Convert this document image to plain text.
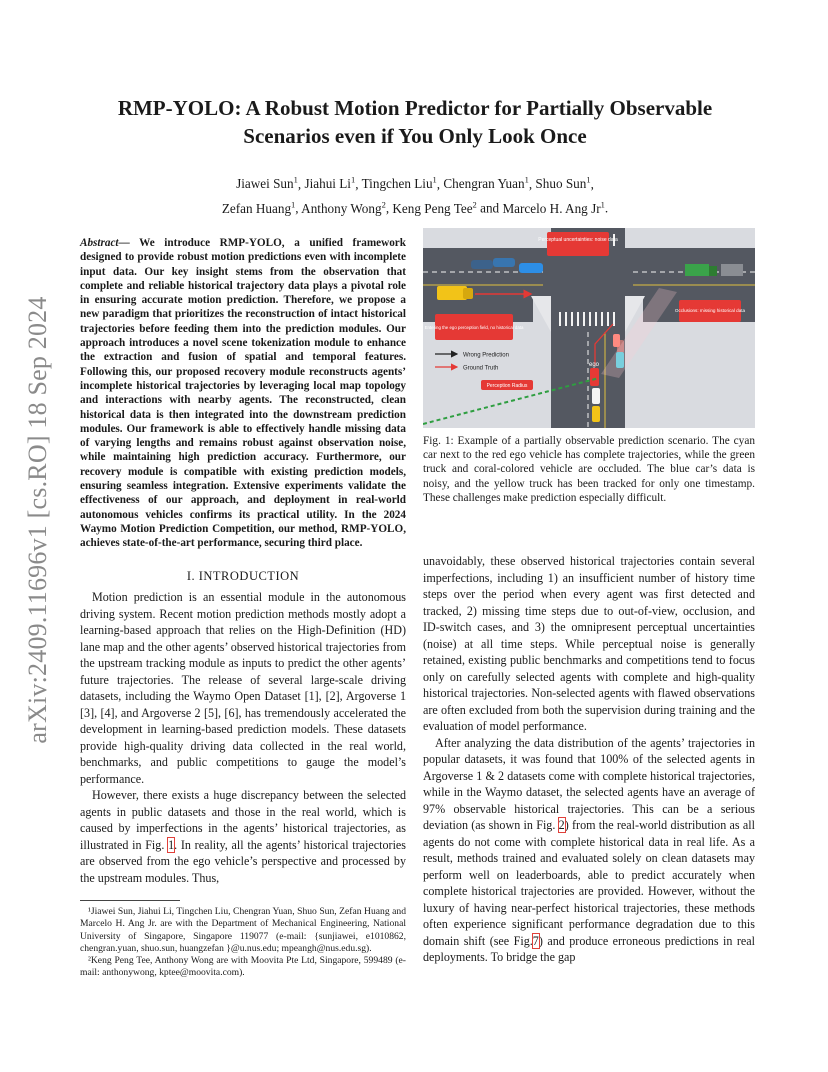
arXiv:2409.11696v1 [cs.RO] 18 Sep 2024
RMP-YOLO: A Robust Motion Predictor for Partially Observable
Scenarios even if You Only Look Once
Jiawei Sun$^1$, Jiahui Li$^1$, Tingchen Liu$^1$, Chengran Yuan$^1$, Shuo Sun$^1$,
Zefan Huang$^1$, Anthony Wong$^2$, Keng Peng Tee$^2$ and Marcelo H. Ang Jr$^1$.
Abstract— We introduce RMP-YOLO, a unified framework designed to provide robust motion predictions even with incomplete input data. Our key insight stems from the observation that complete and reliable historical trajectory data plays a pivotal role in ensuring accurate motion prediction. Therefore, we propose a new paradigm that prioritizes the reconstruction of intact historical trajectories before feeding them into the prediction modules. Our approach introduces a novel scene tokenization module to enhance the extraction and fusion of spatial and temporal features. Following this, our proposed recovery module reconstructs agents’ incomplete historical trajectories by leveraging local map topology and interactions with nearby agents. The reconstructed, clean historical data is then integrated into the downstream prediction modules. Our framework is able to effectively handle missing data of varying lengths and remains robust against observation noise, while maintaining high prediction accuracy. Furthermore, our recovery module is compatible with existing prediction models, ensuring seamless integration. Extensive experiments validate the effectiveness of our approach, and deployment in real-world autonomous vehicles confirms its practical utility. In the 2024 Waymo Motion Prediction Competition, our method, RMP-YOLO, achieves state-of-the-art performance, securing third place.
I. INTRODUCTION

Motion prediction is an essential module in the autonomous driving system. Recent motion prediction methods mostly adopt a learning-based approach that relies on the High-Definition (HD) lane map and the other agents’ observed historical trajectories from the upstream tracking module as inputs to predict the other agents’ future trajectories. The release of several large-scale driving datasets, including the Waymo Open Dataset [1], [2], Argoverse 1 [3], [4], and Argoverse 2 [5], [6], has tremendously accelerated the development in learning-based prediction models. These datasets provide high-quality driving data collected in the real world, benchmarks, and public competitions to gauge the model’s performance.

However, there exists a huge discrepancy between the selected agents in public datasets and those in the real world, which is caused by imperfections in the agents’ historical trajectories, as illustrated in Fig. 1. In reality, all the agents’ historical trajectories are observed from the ego vehicle’s perspective and processed by the upstream modules. Thus,

¹Jiawei Sun, Jiahui Li, Tingchen Liu, Chengran Yuan, Shuo Sun, Zefan Huang and Marcelo H. Ang Jr. are with the Department of Mechanical Engineering, National University of Singapore, Singapore 119077 (e-mail: {sunjiawei, e1010862, chengran.yuan, shuo.sun, huangzefan }@u.nus.edu; mpeangh@nus.edu.sg).

²Keng Peng Tee, Anthony Wong are with Moovita Pte Ltd, Singapore, 599489 (e-mail: anthonywong, kptee@moovita.com).

Perceptual uncertainties: noise data
Occlusions: missing historical data
Entering the ego perception field, no historical data
Wrong Prediction
Ground Truth
Perception Radius
ego
Fig. 1: Example of a partially observable prediction scenario. The cyan car next to the red ego vehicle has complete trajectories, while the green truck and coral-colored vehicle are occluded. The blue car’s data is noisy, and the yellow truck has been tracked for only one timestamp. These challenges make prediction especially difficult.

unavoidably, these observed historical trajectories contain several imperfections, including 1) an insufficient number of history time steps over the period when every agent was first detected and tracked, 2) missing time steps due to out-of-view, occlusion, and ID-switch cases, and 3) the omnipresent perceptual uncertainties (noise) at all time steps. While perceptual noise is generally retained, existing public benchmarks and competitions tend to focus only on carefully selected agents with complete and high-quality historical trajectories. Non-selected agents with flawed observations are often excluded from both the supervision during training and the evaluation of model performance.

After analyzing the data distribution of the agents’ trajectories in popular datasets, it was found that 100% of the selected agents in Argoverse 1 & 2 datasets come with complete historical trajectories, while in the Waymo dataset, the selected agents have an average of 97% observable historical trajectories. This can be a serious deviation (as shown in Fig. 2) from the real-world distribution as all agents do not come with complete historical data in real life. As a result, methods trained and evaluated solely on clean datasets may perform well on leaderboards, able to predict accurately when complete historical trajectories are provided. However, without the luxury of having near-perfect historical trajectories, these methods often experience significant performance degradation due to this domain shift (see Fig.7) and produce erroneous predictions in real deployments. To bridge the gap
